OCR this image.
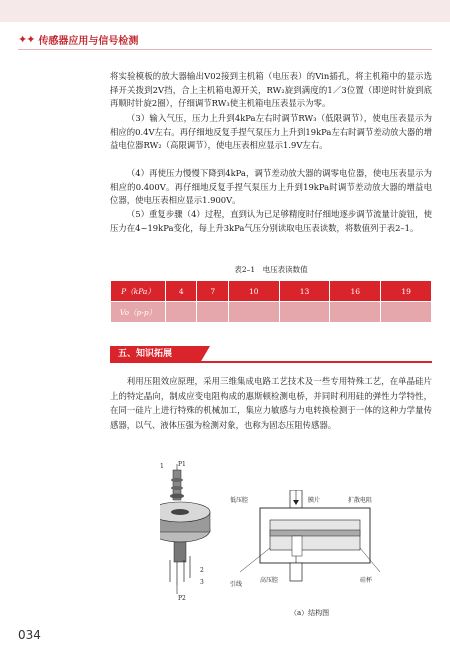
✦✦ 传感器应用与信号检测
将实验模板的放大器输出V02接到主机箱（电压表）的Vin插孔，将主机箱中的显示选择开关拨到2V挡，合上主机箱电源开关，RW₂旋到满度的1／3位置（即逆时针旋到底再顺时针旋2圈），仔细调节RW₃使主机箱电压表显示为零。
（3）输入气压，压力上升到4kPa左右时调节RW₃（低限调节），使电压表显示为相应的0.4V左右。再仔细地反复手捏气泵压力上升到19kPa左右时调节差动放大器的增益电位器RW₂（高限调节），使电压表相应显示1.9V左右。
（4）再使压力慢慢下降到4kPa，调节差动放大器的调零电位器，使电压表显示为相应的0.400V。再仔细地反复手捏气泵压力上升到19kPa时调节差动放大器的增益电位器，使电压表相应显示1.900V。
（5）重复步骤（4）过程，直到认为已足够精度时仔细地逐步调节流量计旋钮，使压力在4~19kPa变化，每上升3kPa气压分别读取电压表读数，将数值列于表2–1。
表2–1　电压表读数值
P（kPa）	4	7	10	13	16	19
Vo（p-p）						
五、知识拓展
利用压阻效应原理，采用三维集成电路工艺技术及一些专用特殊工艺，在单晶硅片上的特定晶向，制成应变电阻构成的惠斯顿检测电桥，并同时利用硅的弹性力学特性，在同一硅片上进行特殊的机械加工，集应力敏感与力电转换检测于一体的这种力学量传感器，以气、液体压强为检测对象，也称为固态压阻传感器。
1 P1
2
3
P2
低压腔	膜片	扩散电阻
高压腔
引线
硅杯
（a）结构图
034
